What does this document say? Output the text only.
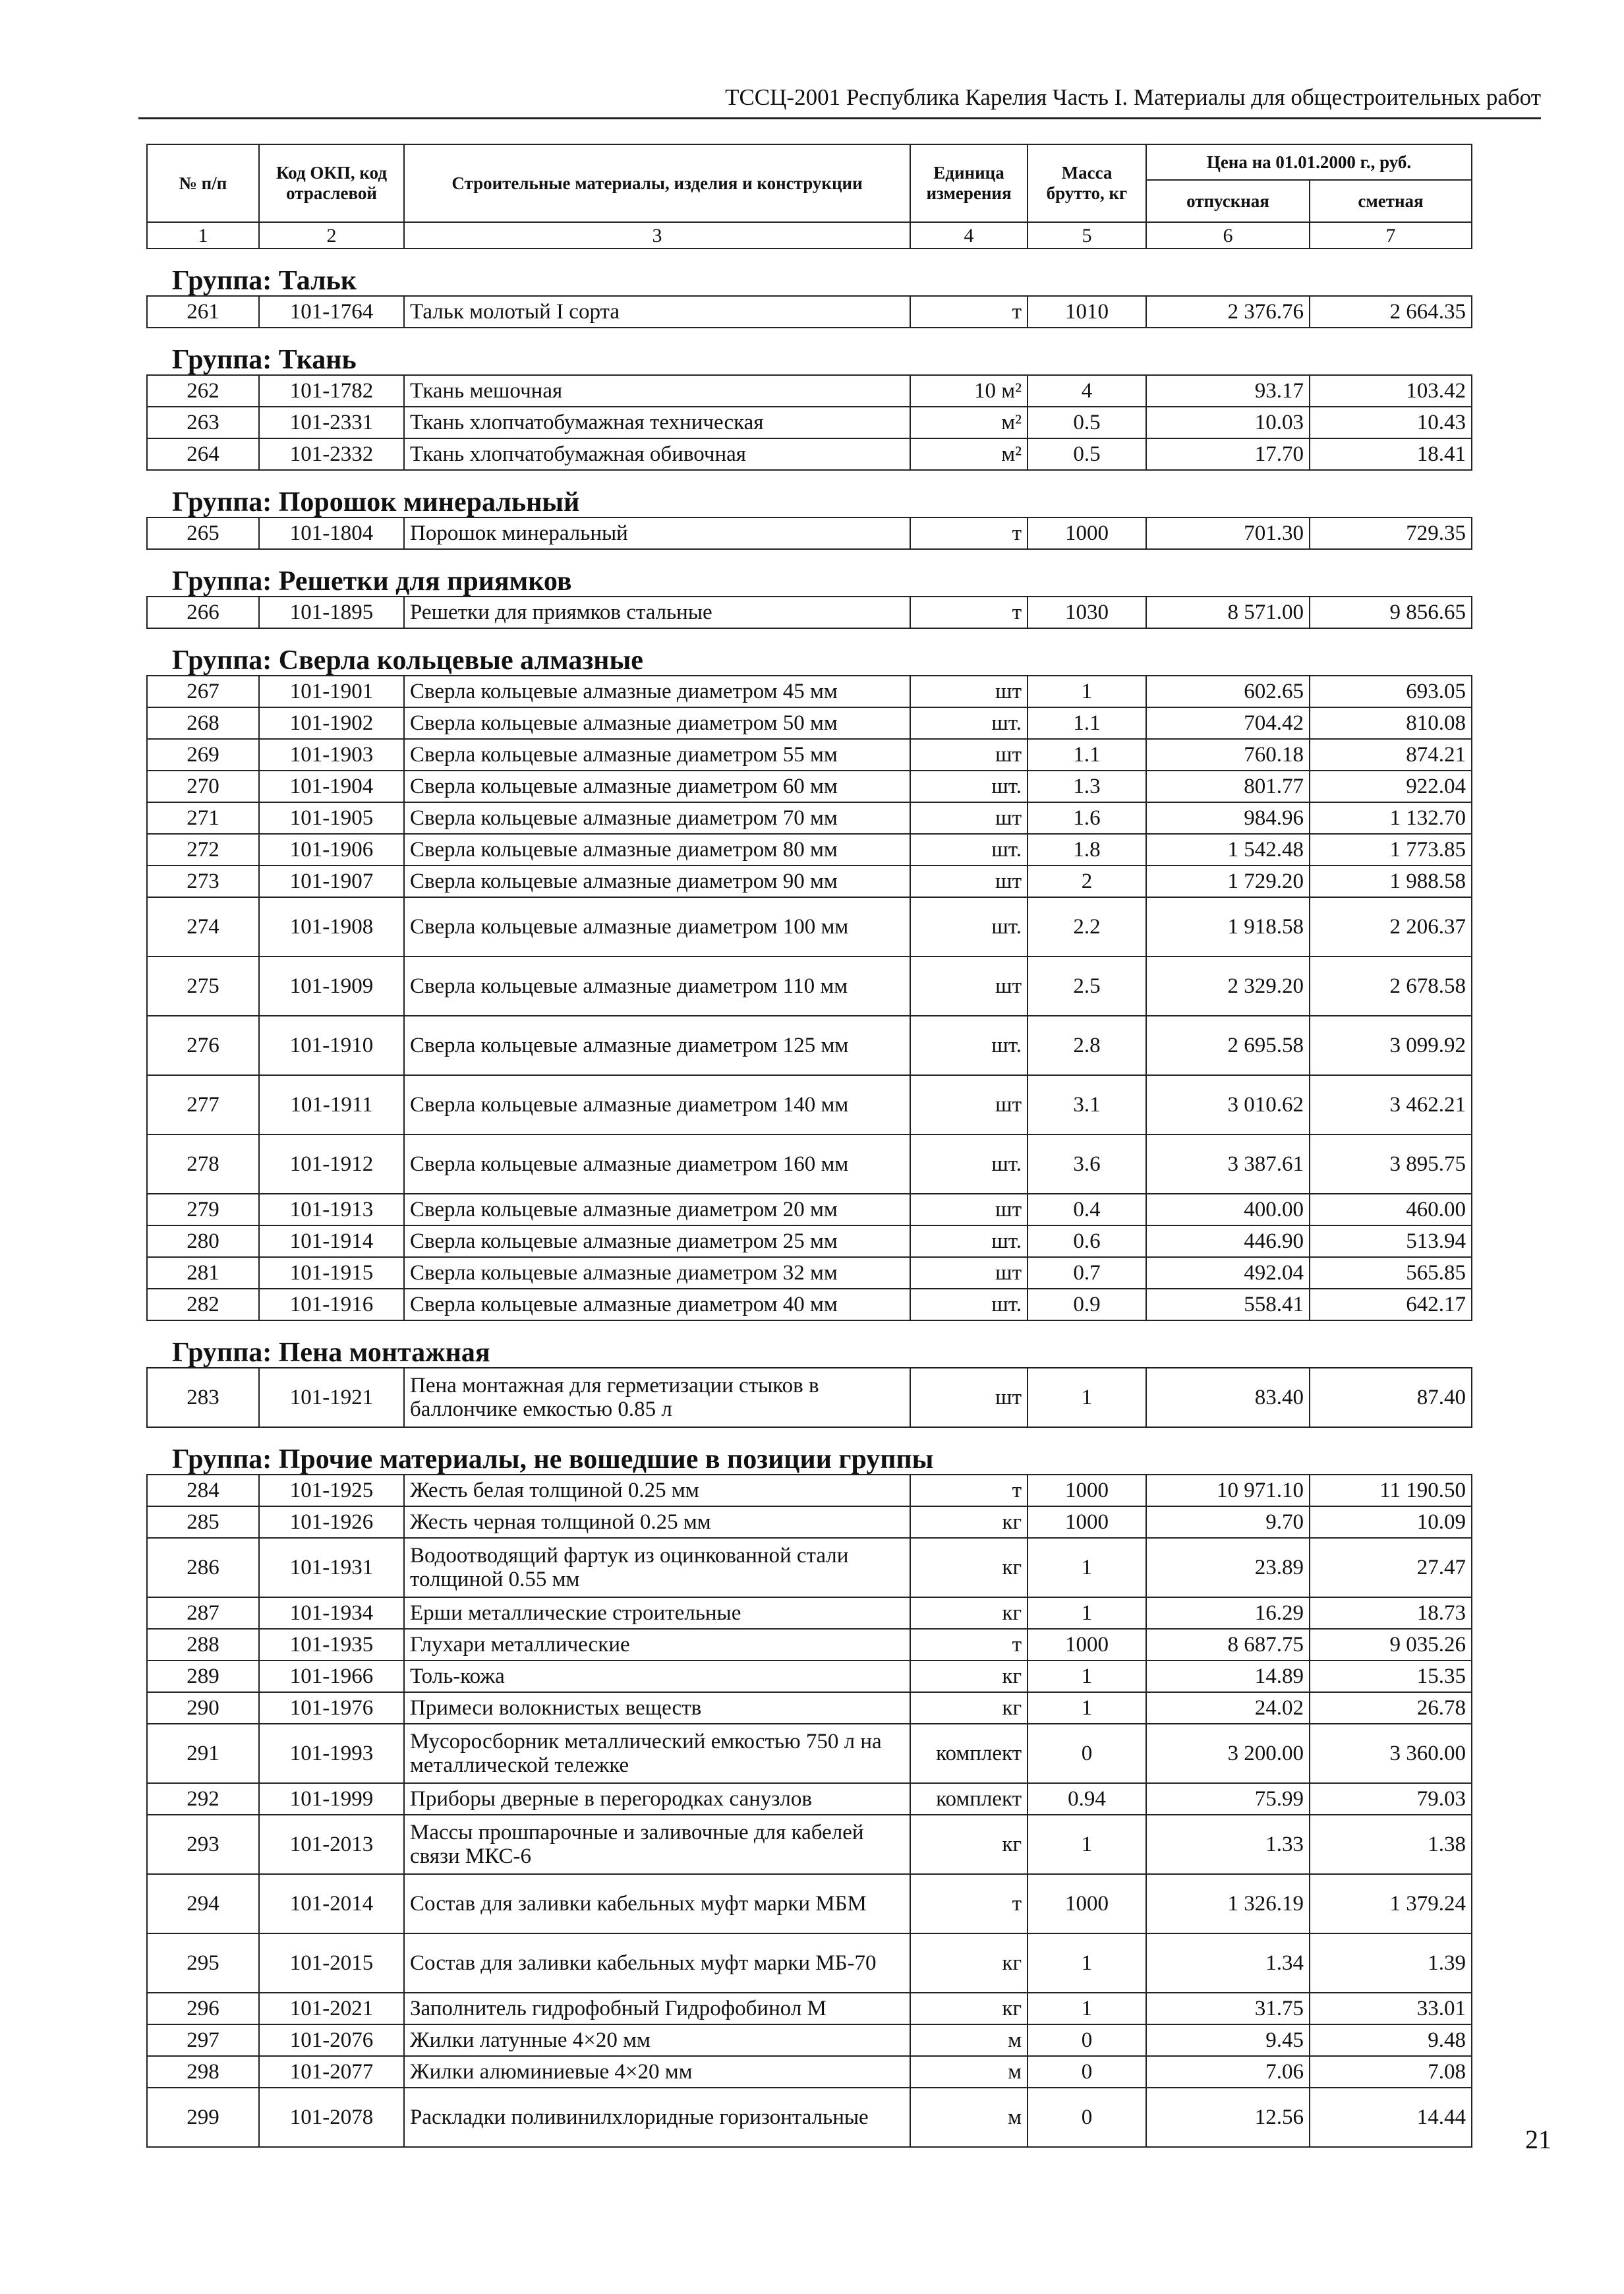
ТССЦ-2001 Республика Карелия Часть I. Материалы для общестроительных работ
№ п/п	Код ОКП, код отраслевой	Строительные материалы, изделия и конструкции	Единица измерения	Масса брутто, кг	Цена на 01.01.2000 г., руб.	
					отпускная	сметная
1	2	3	4	5	6	7
Группа: Тальк						
261	101-1764	Тальк молотый I сорта	т	1010	2 376.76	2 664.35
Группа: Ткань						
262	101-1782	Ткань мешочная	10 м²	4	93.17	103.42
263	101-2331	Ткань хлопчатобумажная техническая	м²	0.5	10.03	10.43
264	101-2332	Ткань хлопчатобумажная обивочная	м²	0.5	17.70	18.41
Группа: Порошок минеральный						
265	101-1804	Порошок минеральный	т	1000	701.30	729.35
Группа: Решетки для приямков						
266	101-1895	Решетки для приямков стальные	т	1030	8 571.00	9 856.65
Группа: Сверла кольцевые алмазные						
267	101-1901	Сверла кольцевые алмазные диаметром 45 мм	шт	1	602.65	693.05
268	101-1902	Сверла кольцевые алмазные диаметром 50 мм	шт.	1.1	704.42	810.08
269	101-1903	Сверла кольцевые алмазные диаметром 55 мм	шт	1.1	760.18	874.21
270	101-1904	Сверла кольцевые алмазные диаметром 60 мм	шт.	1.3	801.77	922.04
271	101-1905	Сверла кольцевые алмазные диаметром 70 мм	шт	1.6	984.96	1 132.70
272	101-1906	Сверла кольцевые алмазные диаметром 80 мм	шт.	1.8	1 542.48	1 773.85
273	101-1907	Сверла кольцевые алмазные диаметром 90 мм	шт	2	1 729.20	1 988.58
274	101-1908	Сверла кольцевые алмазные диаметром 100 мм	шт.	2.2	1 918.58	2 206.37
275	101-1909	Сверла кольцевые алмазные диаметром 110 мм	шт	2.5	2 329.20	2 678.58
276	101-1910	Сверла кольцевые алмазные диаметром 125 мм	шт.	2.8	2 695.58	3 099.92
277	101-1911	Сверла кольцевые алмазные диаметром 140 мм	шт	3.1	3 010.62	3 462.21
278	101-1912	Сверла кольцевые алмазные диаметром 160 мм	шт.	3.6	3 387.61	3 895.75
279	101-1913	Сверла кольцевые алмазные диаметром 20 мм	шт	0.4	400.00	460.00
280	101-1914	Сверла кольцевые алмазные диаметром 25 мм	шт.	0.6	446.90	513.94
281	101-1915	Сверла кольцевые алмазные диаметром 32 мм	шт	0.7	492.04	565.85
282	101-1916	Сверла кольцевые алмазные диаметром 40 мм	шт.	0.9	558.41	642.17
Группа: Пена монтажная						
283	101-1921	Пена монтажная для герметизации стыков в баллончике емкостью 0.85 л	шт	1	83.40	87.40
Группа: Прочие материалы, не вошедшие в позиции группы						
284	101-1925	Жесть белая толщиной 0.25 мм	т	1000	10 971.10	11 190.50
285	101-1926	Жесть черная толщиной 0.25 мм	кг	1000	9.70	10.09
286	101-1931	Водоотводящий фартук из оцинкованной стали толщиной 0.55 мм	кг	1	23.89	27.47
287	101-1934	Ерши металлические строительные	кг	1	16.29	18.73
288	101-1935	Глухари металлические	т	1000	8 687.75	9 035.26
289	101-1966	Толь-кожа	кг	1	14.89	15.35
290	101-1976	Примеси волокнистых веществ	кг	1	24.02	26.78
291	101-1993	Мусоросборник металлический емкостью 750 л на металлической тележке	комплект	0	3 200.00	3 360.00
292	101-1999	Приборы дверные в перегородках санузлов	комплект	0.94	75.99	79.03
293	101-2013	Массы прошпарочные и заливочные для кабелей связи МКС-6	кг	1	1.33	1.38
294	101-2014	Состав для заливки кабельных муфт марки МБМ	т	1000	1 326.19	1 379.24
295	101-2015	Состав для заливки кабельных муфт марки МБ-70	кг	1	1.34	1.39
296	101-2021	Заполнитель гидрофобный Гидрофобинол М	кг	1	31.75	33.01
297	101-2076	Жилки латунные 4×20 мм	м	0	9.45	9.48
298	101-2077	Жилки алюминиевые 4×20 мм	м	0	7.06	7.08
299	101-2078	Раскладки поливинилхлоридные горизонтальные	м	0	12.56	14.44
21
